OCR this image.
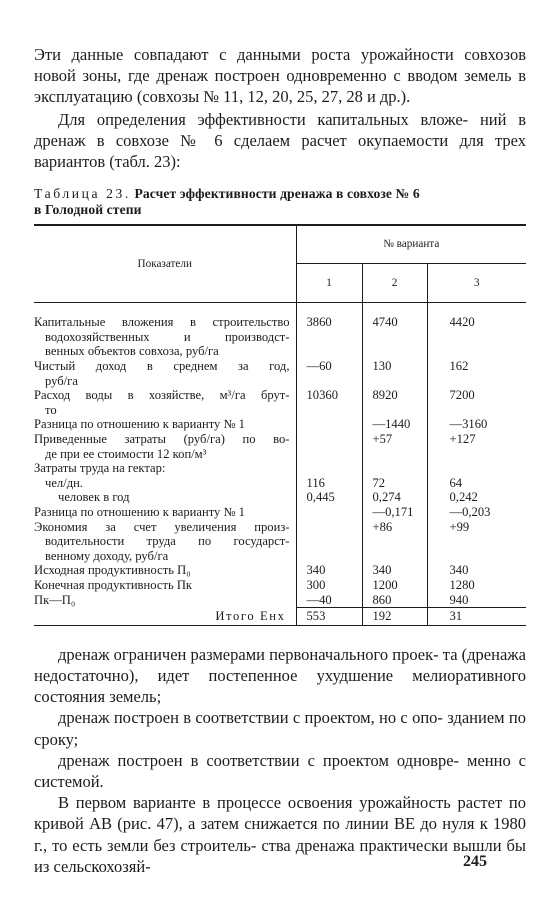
Эти данные совпадают с данными роста урожайности совхозов новой зоны, где дренаж построен одновременно с вводом земель в эксплуатацию (совхозы № 11, 12, 20, 25, 27, 28 и др.).

Для определения эффективности капитальных вложе- ний в дренаж в совхозе № 6 сделаем расчет окупаемости для трех вариантов (табл. 23):

Таблица 23. Расчет эффективности дренажа в совхозе № 6
в Голодной степи
Показатели	№ варианта		
	1	2	3

Капитальные вложения в строительство
водохозяйственных и производст-
венных объектов совхоза, руб/га	3860	4740	4420

Чистый доход в среднем за год,
руб/га	—60	130	162

Расход воды в хозяйстве, м³/га брут-
то	10360	8920	7200

Разница по отношению к варианту № 1		—1440	—3160

Приведенные затраты (руб/га) по во-
де при ее стоимости 12 коп/м³		+57	+127

Затраты труда на гектар:			

чел/дн.	116	72	64

человек в год	0,445	0,274	0,242

Разница по отношению к варианту № 1		—0,171	—0,203

Экономия за счет увеличения произ-
водительности труда по государст-
венному доходу, руб/га		+86	+99

Исходная продуктивность П₀	340	340	340

Конечная продуктивность Пк	300	1200	1280

Пк—П₀	—40	860	940
Итого Eнх	553	192	31

дренаж ограничен размерами первоначального проек- та (дренажа недостаточно), идет постепенное ухудшение мелиоративного состояния земель;

дренаж построен в соответствии с проектом, но с опо- зданием по сроку;

дренаж построен в соответствии с проектом одновре- менно с системой.

В первом варианте в процессе освоения урожайность растет по кривой AB (рис. 47), а затем снижается по линии BE до нуля к 1980 г., то есть земли без строитель- ства дренажа практически вышли бы из сельскохозяй-	245
